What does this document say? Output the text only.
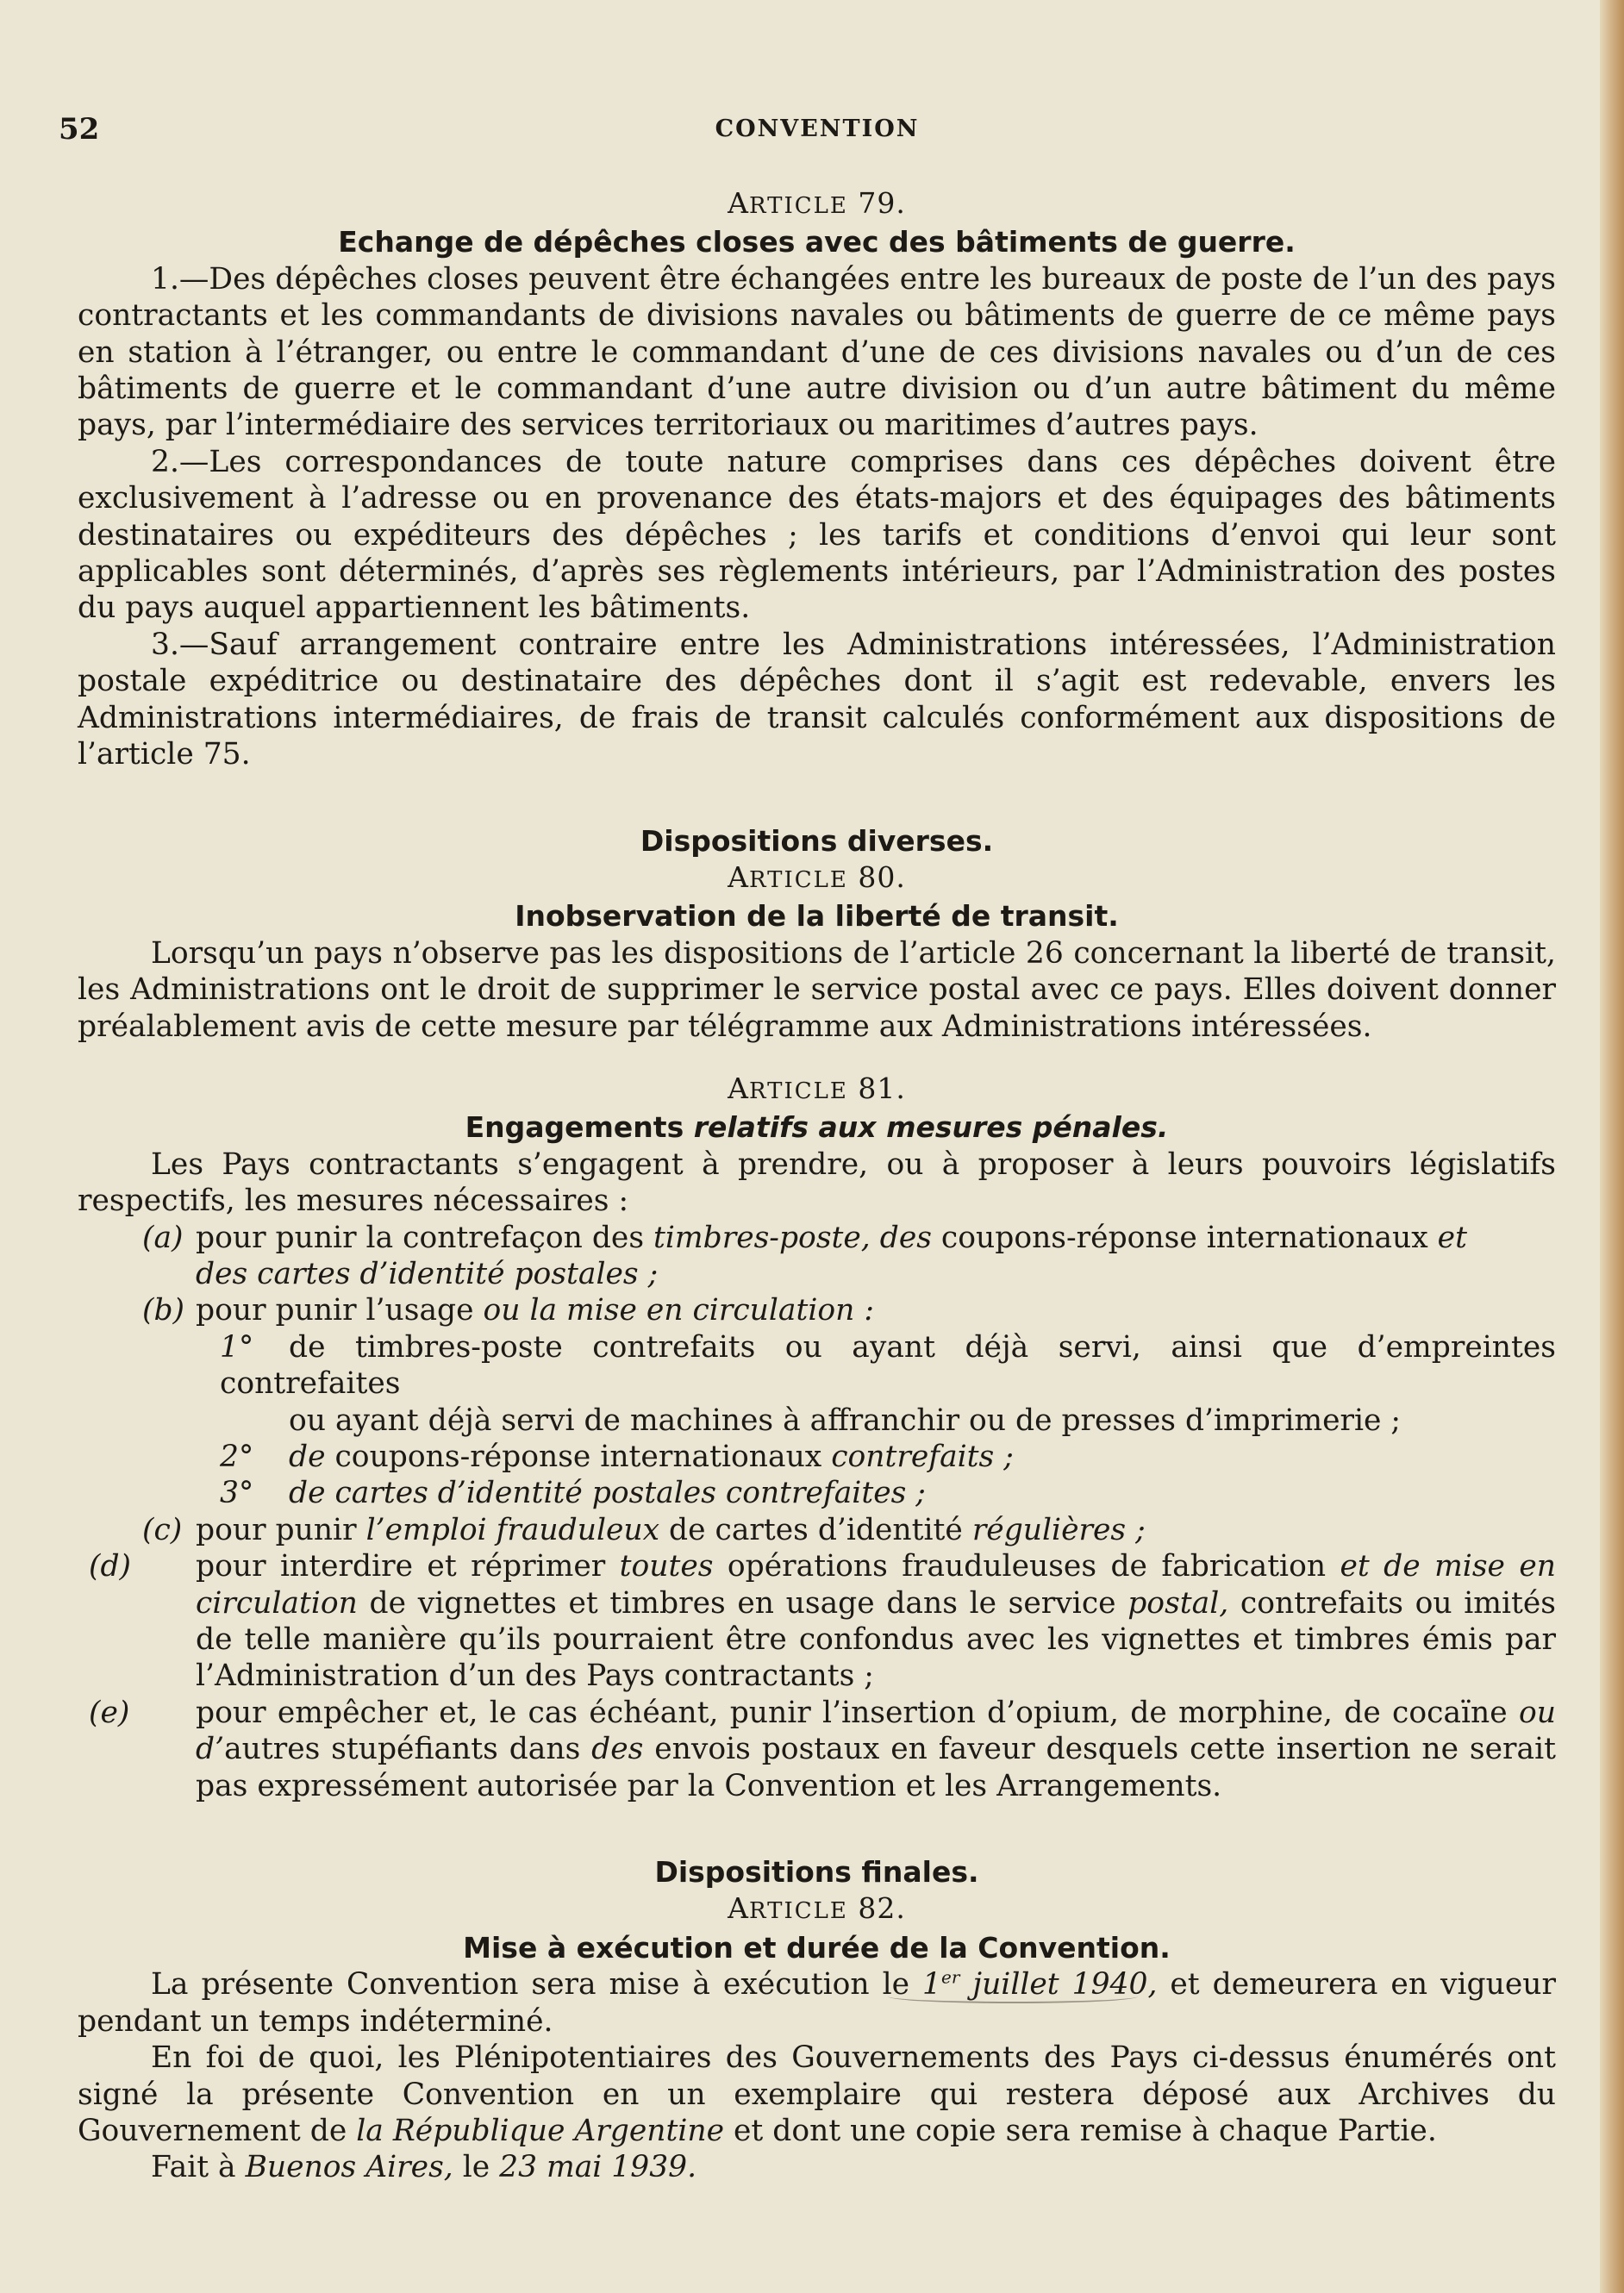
52	CONVENTION
ARTICLE 79.
Echange de dépêches closes avec des bâtiments de guerre.

1.—Des dépêches closes peuvent être échangées entre les bureaux de poste de l’un des pays contractants et les commandants de divisions navales ou bâtiments de guerre de ce même pays en station à l’étranger, ou entre le commandant d’une de ces divisions navales ou d’un de ces bâtiments de guerre et le commandant d’une autre division ou d’un autre bâtiment du même pays, par l’intermédiaire des services territoriaux ou maritimes d’autres pays.

2.—Les correspondances de toute nature comprises dans ces dépêches doivent être exclusivement à l’adresse ou en provenance des états-majors et des équipages des bâtiments destinataires ou expéditeurs des dépêches ; les tarifs et conditions d’envoi qui leur sont applicables sont déterminés, d’après ses règlements intérieurs, par l’Administration des postes du pays auquel appartiennent les bâtiments.

3.—Sauf arrangement contraire entre les Administrations intéressées, l’Administration postale expéditrice ou destinataire des dépêches dont il s’agit est redevable, envers les Administrations intermédiaires, de frais de transit calculés conformément aux dispositions de l’article 75.

Dispositions diverses.
ARTICLE 80.
Inobservation de la liberté de transit.

Lorsqu’un pays n’observe pas les dispositions de l’article 26 concernant la liberté de transit, les Administrations ont le droit de supprimer le service postal avec ce pays. Elles doivent donner préalablement avis de cette mesure par télégramme aux Administrations intéressées.

ARTICLE 81.
Engagements relatifs aux mesures pénales.

Les Pays contractants s’engagent à prendre, ou à proposer à leurs pouvoirs législatifs respectifs, les mesures nécessaires :

(a) pour punir la contrefaçon des timbres-poste, des coupons-réponse internationaux et

des cartes d’identité postales ;

(b) pour punir l’usage ou la mise en circulation :

1° de timbres-poste contrefaits ou ayant déjà servi, ainsi que d’empreintes contrefaites

ou ayant déjà servi de machines à affranchir ou de presses d’imprimerie ;

2° de coupons-réponse internationaux contrefaits ;

3° de cartes d’identité postales contrefaites ;

(c) pour punir l’emploi frauduleux de cartes d’identité régulières ;

(d) pour interdire et réprimer toutes opérations frauduleuses de fabrication et de mise en circulation de vignettes et timbres en usage dans le service postal, contrefaits ou imités de telle manière qu’ils pourraient être confondus avec les vignettes et timbres émis par l’Administration d’un des Pays contractants ;

(e) pour empêcher et, le cas échéant, punir l’insertion d’opium, de morphine, de cocaïne ou d’autres stupéfiants dans des envois postaux en faveur desquels cette insertion ne serait pas expressément autorisée par la Convention et les Arrangements.

Dispositions finales.
ARTICLE 82.
Mise à exécution et durée de la Convention.

La présente Convention sera mise à exécution le 1er juillet 1940, et demeurera en vigueur pendant un temps indéterminé.

En foi de quoi, les Plénipotentiaires des Gouvernements des Pays ci-dessus énumérés ont signé la présente Convention en un exemplaire qui restera déposé aux Archives du Gouvernement de la République Argentine et dont une copie sera remise à chaque Partie.

Fait à Buenos Aires, le 23 mai 1939.
